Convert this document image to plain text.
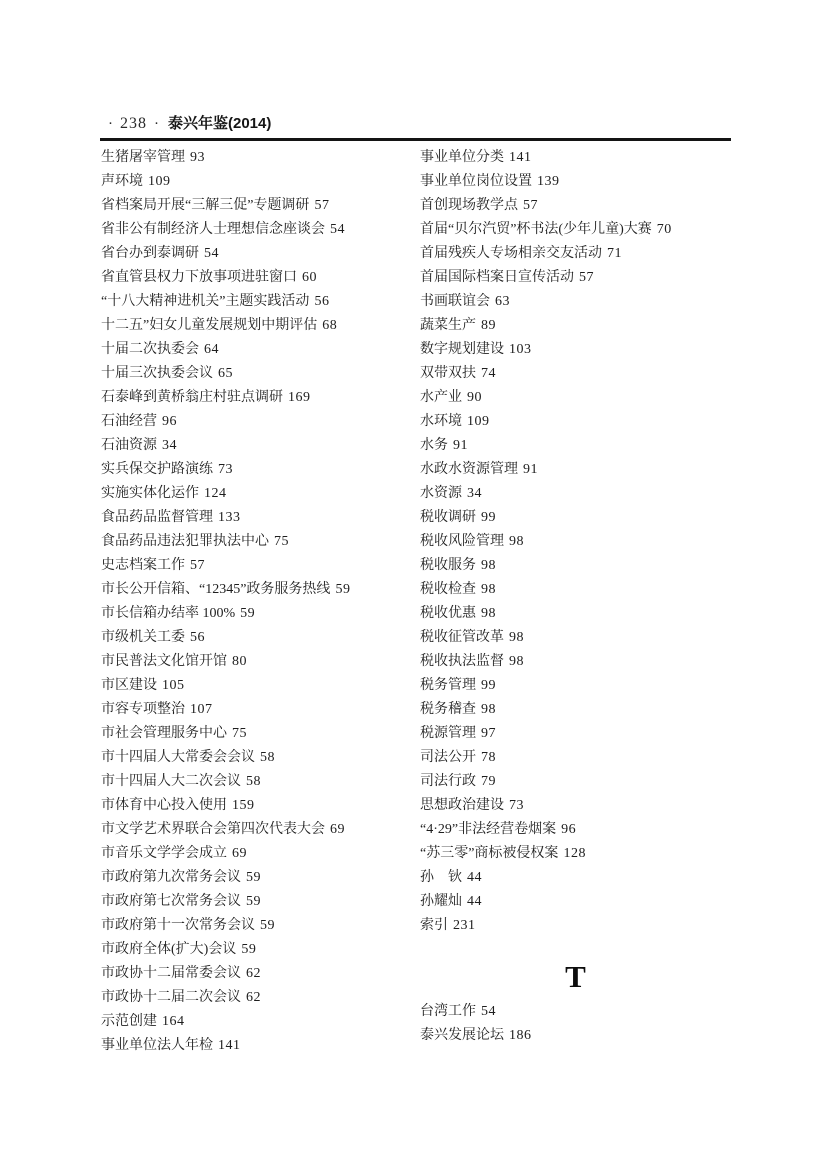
· 238 · 泰兴年鉴(2014)
生猪屠宰管理 93
声环境 109
省档案局开展“三解三促”专题调研 57
省非公有制经济人士理想信念座谈会 54
省台办到泰调研 54
省直管县权力下放事项进驻窗口 60
“十八大精神进机关”主题实践活动 56
十二五”妇女儿童发展规划中期评估 68
十届二次执委会 64
十届三次执委会议 65
石泰峰到黄桥翁庄村驻点调研 169
石油经营 96
石油资源 34
实兵保交护路演练 73
实施实体化运作 124
食品药品监督管理 133
食品药品违法犯罪执法中心 75
史志档案工作 57
市长公开信箱、“12345”政务服务热线 59
市长信箱办结率 100% 59
市级机关工委 56
市民普法文化馆开馆 80
市区建设 105
市容专项整治 107
市社会管理服务中心 75
市十四届人大常委会会议 58
市十四届人大二次会议 58
市体育中心投入使用 159
市文学艺术界联合会第四次代表大会 69
市音乐文学学会成立 69
市政府第九次常务会议 59
市政府第七次常务会议 59
市政府第十一次常务会议 59
市政府全体(扩大)会议 59
市政协十二届常委会议 62
市政协十二届二次会议 62
示范创建 164
事业单位法人年检 141
事业单位分类 141
事业单位岗位设置 139
首创现场教学点 57
首届“贝尔汽贸”杯书法(少年儿童)大赛 70
首届残疾人专场相亲交友活动 71
首届国际档案日宣传活动 57
书画联谊会 63
蔬菜生产 89
数字规划建设 103
双带双扶 74
水产业 90
水环境 109
水务 91
水政水资源管理 91
水资源 34
税收调研 99
税收风险管理 98
税收服务 98
税收检查 98
税收优惠 98
税收征管改革 98
税收执法监督 98
税务管理 99
税务稽查 98
税源管理 97
司法公开 78
司法行政 79
思想政治建设 73
“4·29”非法经营卷烟案 96
“苏三零”商标被侵权案 128
孙　钬 44
孙耀灿 44
索引 231
T
台湾工作 54
泰兴发展论坛 186
